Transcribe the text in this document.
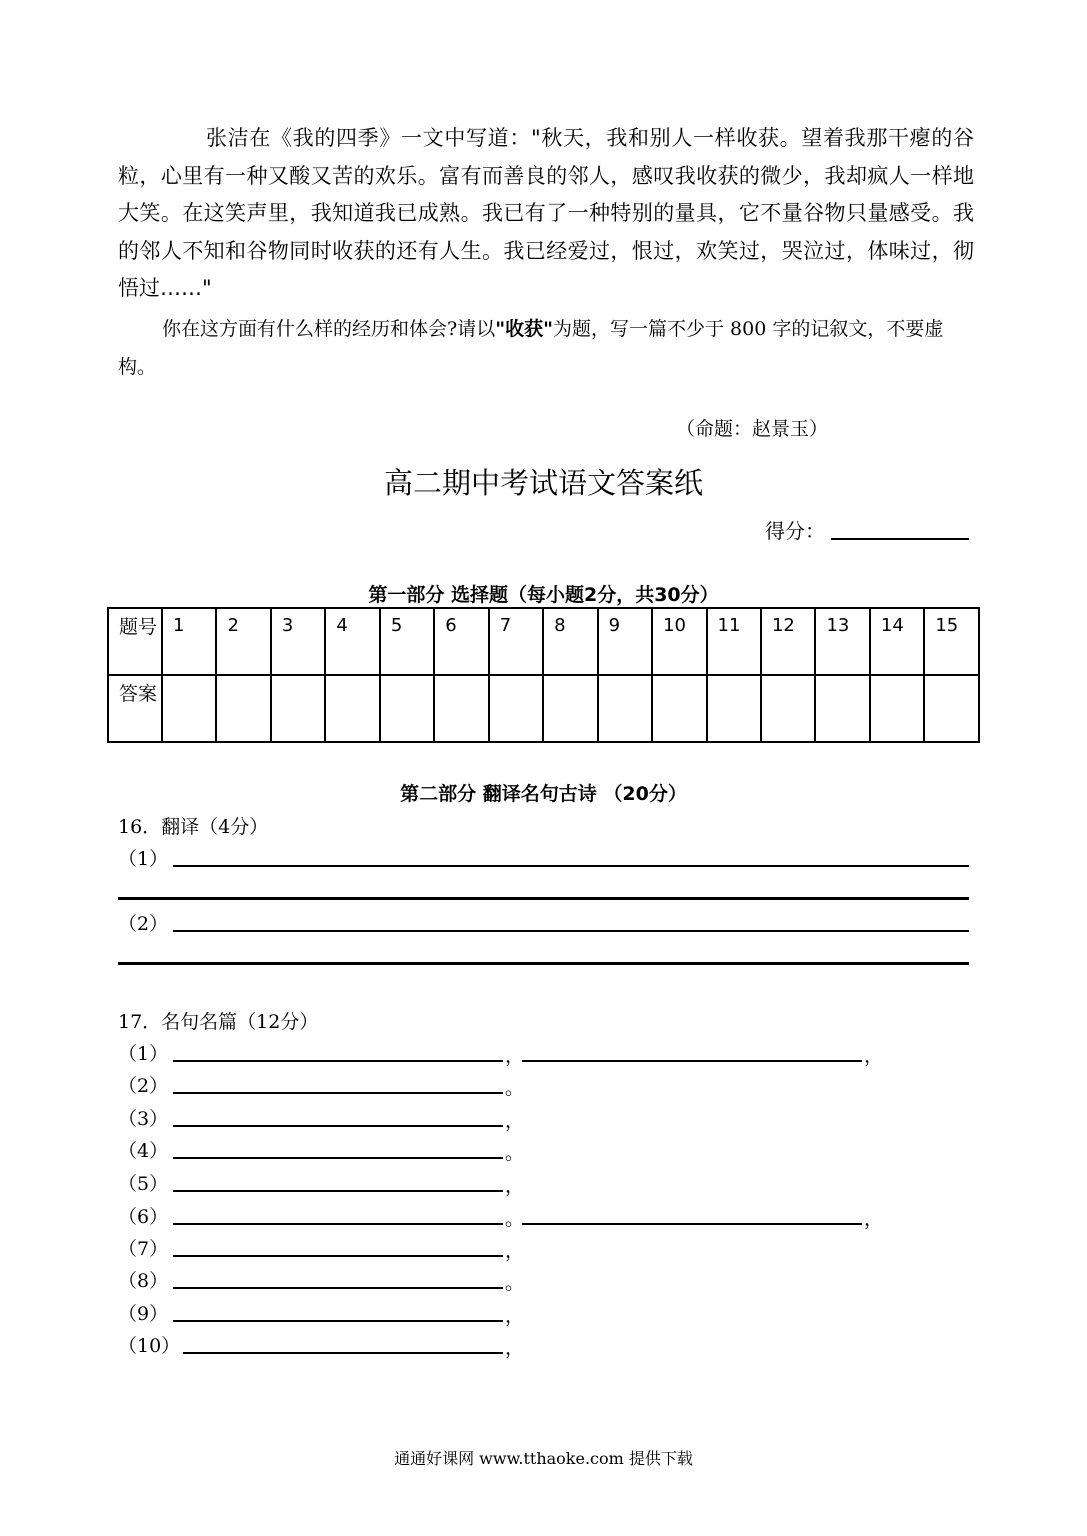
张洁在《我的四季》一文中写道："秋天，我和别人一样收获。望着我那干瘪的谷粒，心里有一种又酸又苦的欢乐。富有而善良的邻人，感叹我收获的微少，我却疯人一样地大笑。在这笑声里，我知道我已成熟。我已有了一种特别的量具，它不量谷物只量感受。我的邻人不知和谷物同时收获的还有人生。我已经爱过，恨过，欢笑过，哭泣过，体味过，彻悟过……"

你在这方面有什么样的经历和体会?请以"收获"为题，写一篇不少于 800 字的记叙文，不要虚构。
（命题：赵景玉）
高二期中考试语文答案纸
得分：
第一部分 选择题（每小题2分，共30分）
题号	1	2	3	4	5	6	7	8	9	10	11	12	13	14	15
答案															
第二部分 翻译名句古诗 （20分）
16．翻译（4分）
（1）
（2）
17．名句名篇（12分）
（1）	，	，
（2）	。
（3）	，
（4）	。
（5）	，
（6）	。	，
（7）	，
（8）	。
（9）	，
（10）	，
通通好课网 www.tthaoke.com 提供下载
